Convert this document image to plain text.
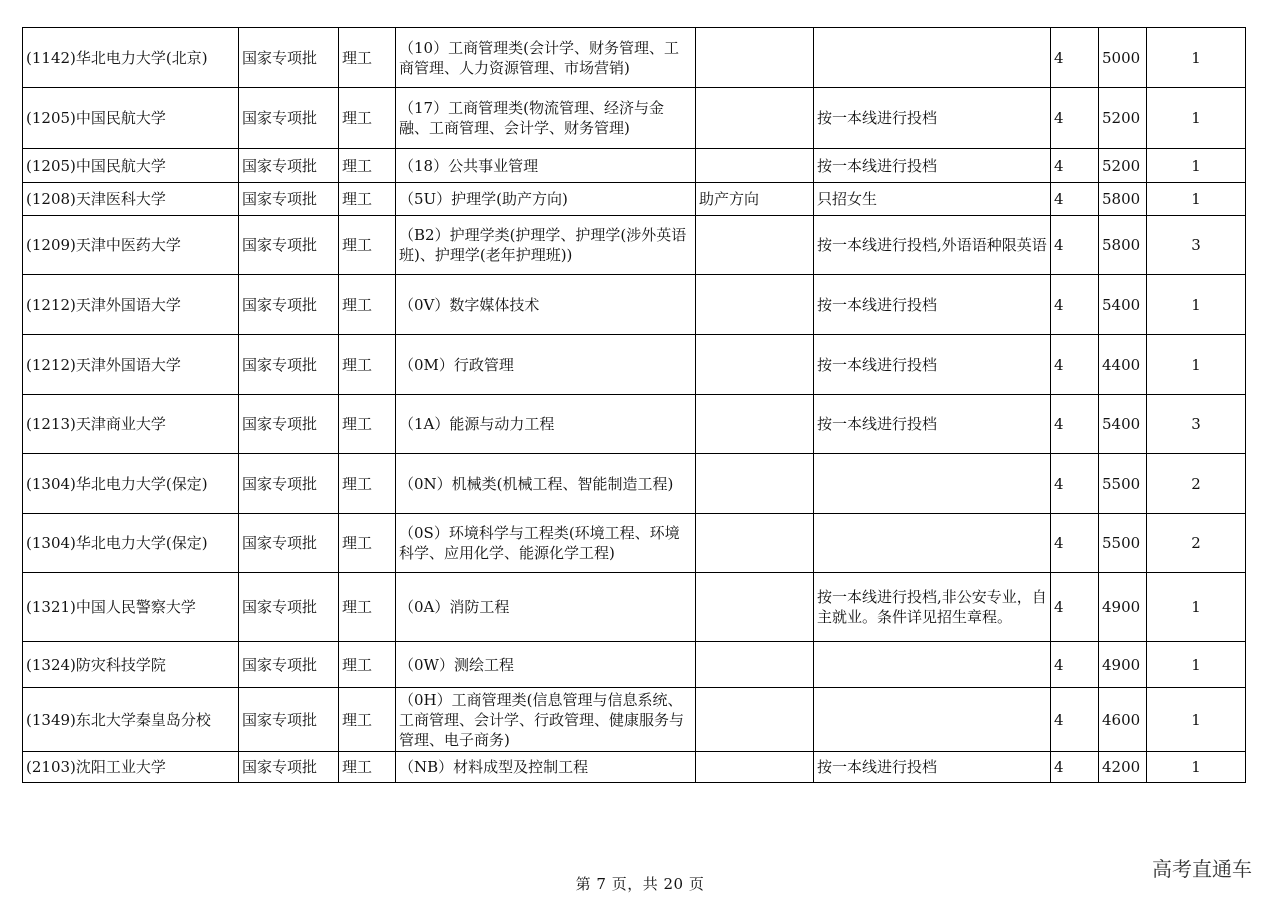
(1142)华北电力大学(北京)	国家专项批	理工	（10）工商管理类(会计学、财务管理、工商管理、人力资源管理、市场营销)			4	5000	1
(1205)中国民航大学	国家专项批	理工	（17）工商管理类(物流管理、经济与金融、工商管理、会计学、财务管理)		按一本线进行投档	4	5200	1
(1205)中国民航大学	国家专项批	理工	（18）公共事业管理		按一本线进行投档	4	5200	1
(1208)天津医科大学	国家专项批	理工	（5U）护理学(助产方向)	助产方向	只招女生	4	5800	1
(1209)天津中医药大学	国家专项批	理工	（B2）护理学类(护理学、护理学(涉外英语班)、护理学(老年护理班))		按一本线进行投档,外语语种限英语	4	5800	3
(1212)天津外国语大学	国家专项批	理工	（0V）数字媒体技术		按一本线进行投档	4	5400	1
(1212)天津外国语大学	国家专项批	理工	（0M）行政管理		按一本线进行投档	4	4400	1
(1213)天津商业大学	国家专项批	理工	（1A）能源与动力工程		按一本线进行投档	4	5400	3
(1304)华北电力大学(保定)	国家专项批	理工	（0N）机械类(机械工程、智能制造工程)			4	5500	2
(1304)华北电力大学(保定)	国家专项批	理工	（0S）环境科学与工程类(环境工程、环境科学、应用化学、能源化学工程)			4	5500	2
(1321)中国人民警察大学	国家专项批	理工	（0A）消防工程		按一本线进行投档,非公安专业，自主就业。条件详见招生章程。	4	4900	1
(1324)防灾科技学院	国家专项批	理工	（0W）测绘工程			4	4900	1
(1349)东北大学秦皇岛分校	国家专项批	理工	（0H）工商管理类(信息管理与信息系统、工商管理、会计学、行政管理、健康服务与管理、电子商务)			4	4600	1
(2103)沈阳工业大学	国家专项批	理工	（NB）材料成型及控制工程		按一本线进行投档	4	4200	1
第 7 页，共 20 页
高考直通车
